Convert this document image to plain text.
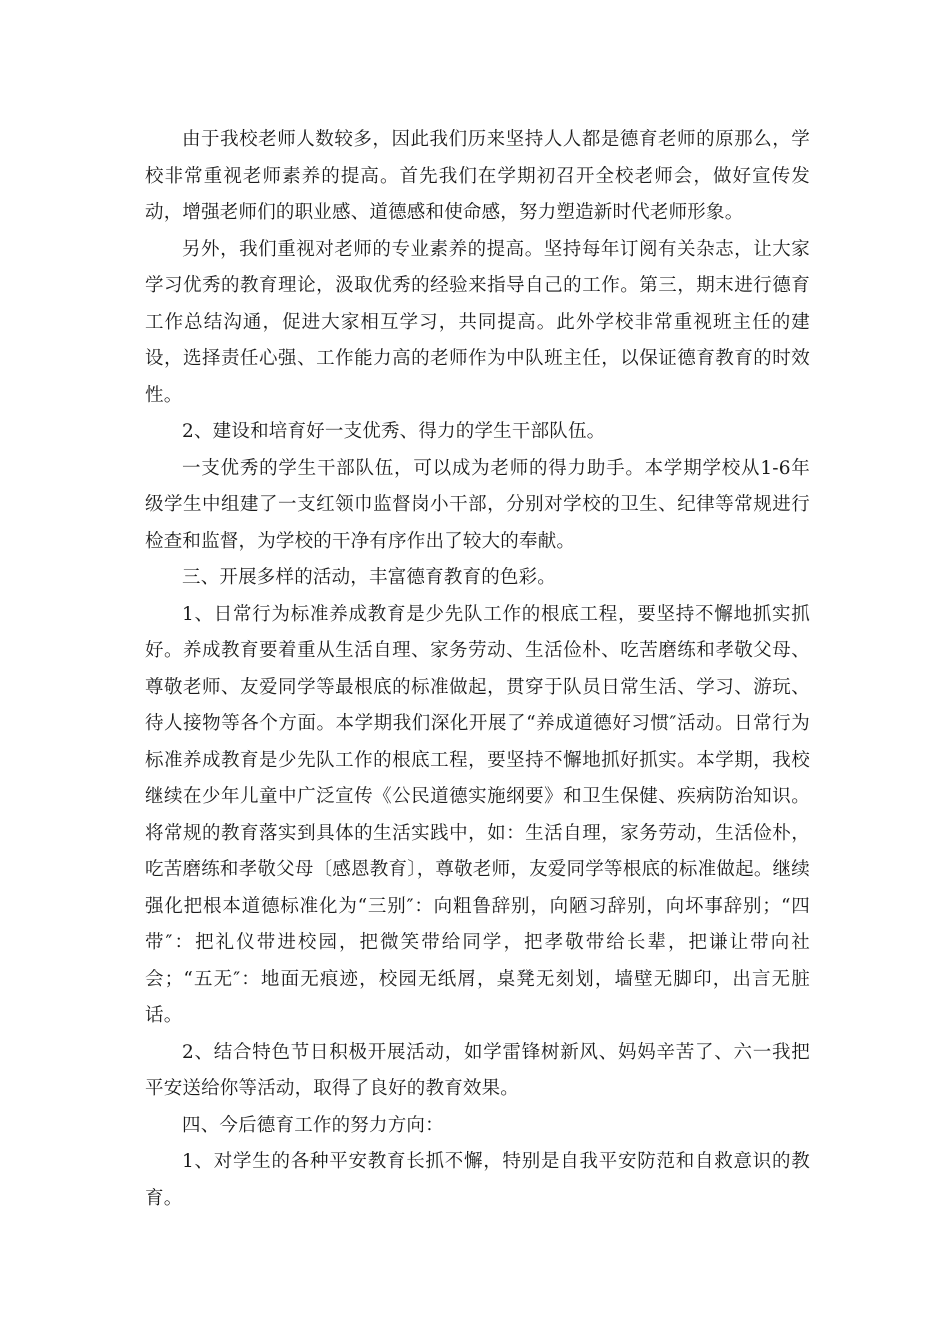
由于我校老师人数较多，因此我们历来坚持人人都是德育老师的原那么，学校非常重视老师素养的提高。首先我们在学期初召开全校老师会，做好宣传发动，增强老师们的职业感、道德感和使命感，努力塑造新时代老师形象。

另外，我们重视对老师的专业素养的提高。坚持每年订阅有关杂志，让大家学习优秀的教育理论，汲取优秀的经验来指导自己的工作。第三，期末进行德育工作总结沟通，促进大家相互学习，共同提高。此外学校非常重视班主任的建设，选择责任心强、工作能力高的老师作为中队班主任，以保证德育教育的时效性。

2、建设和培育好一支优秀、得力的学生干部队伍。

一支优秀的学生干部队伍，可以成为老师的得力助手。本学期学校从1-6年级学生中组建了一支红领巾监督岗小干部，分别对学校的卫生、纪律等常规进行检查和监督，为学校的干净有序作出了较大的奉献。

三、开展多样的活动，丰富德育教育的色彩。

1、日常行为标准养成教育是少先队工作的根底工程，要坚持不懈地抓实抓好。养成教育要着重从生活自理、家务劳动、生活俭朴、吃苦磨练和孝敬父母、尊敬老师、友爱同学等最根底的标准做起，贯穿于队员日常生活、学习、游玩、待人接物等各个方面。本学期我们深化开展了“养成道德好习惯″活动。日常行为标准养成教育是少先队工作的根底工程，要坚持不懈地抓好抓实。本学期，我校继续在少年儿童中广泛宣传《公民道德实施纲要》和卫生保健、疾病防治知识。将常规的教育落实到具体的生活实践中，如：生活自理，家务劳动，生活俭朴，吃苦磨练和孝敬父母〔感恩教育〕，尊敬老师，友爱同学等根底的标准做起。继续强化把根本道德标准化为“三别″：向粗鲁辞别，向陋习辞别，向坏事辞别；“四带″：把礼仪带进校园，把微笑带给同学，把孝敬带给长辈，把谦让带向社会；“五无″：地面无痕迹，校园无纸屑，桌凳无刻划，墙壁无脚印，出言无脏话。

2、结合特色节日积极开展活动，如学雷锋树新风、妈妈辛苦了、六一我把平安送给你等活动，取得了良好的教育效果。

四、今后德育工作的努力方向：

1、对学生的各种平安教育长抓不懈，特别是自我平安防范和自救意识的教育。
